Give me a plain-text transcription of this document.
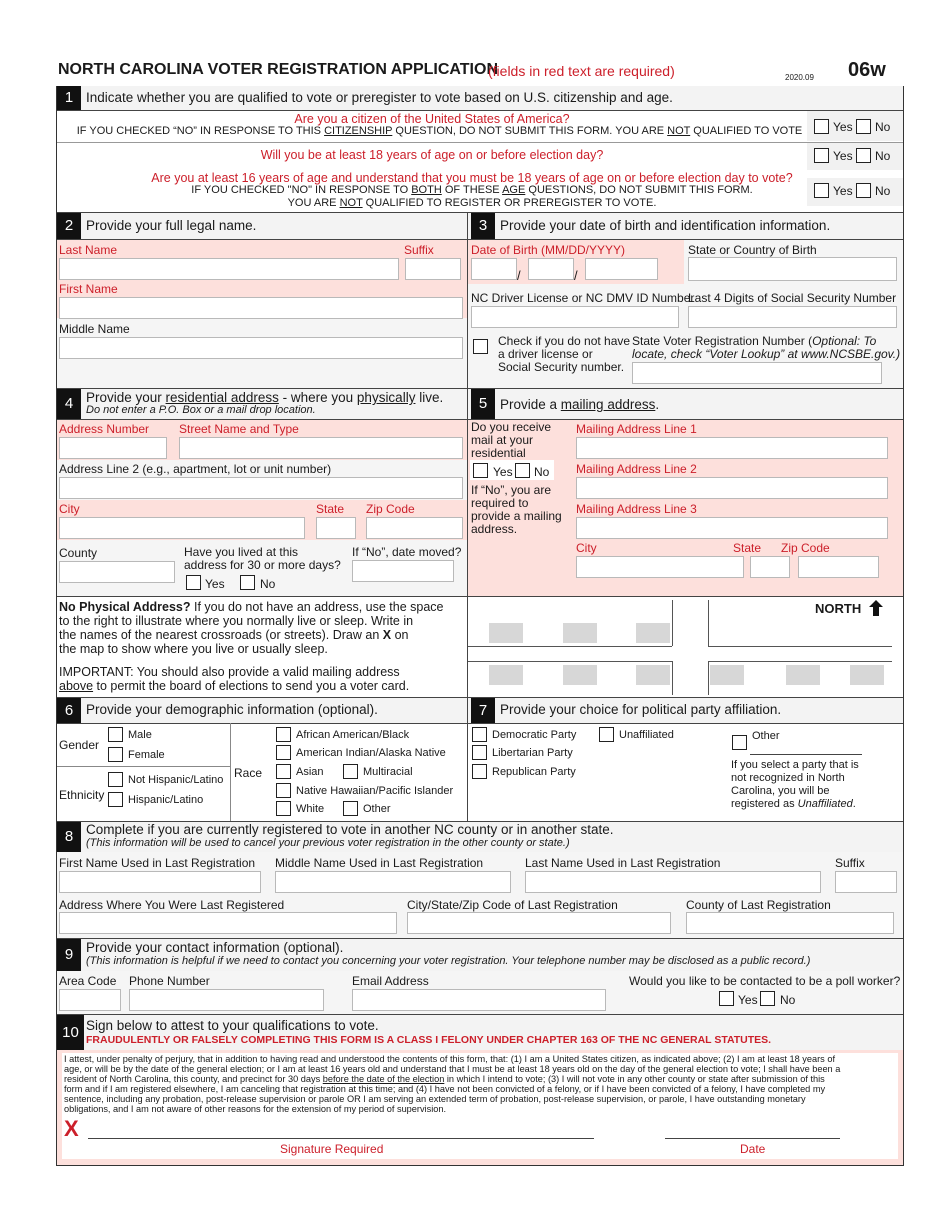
NORTH CAROLINA VOTER REGISTRATION APPLICATION
(fields in red text are required)	2020.09 06w
1 Indicate whether you are qualified to vote or preregister to vote based on U.S. citizenship and age.
Are you a citizen of the United States of America?
IF YOU CHECKED “NO” IN RESPONSE TO THIS CITIZENSHIP QUESTION, DO NOT SUBMIT THIS FORM. YOU ARE NOT QUALIFIED TO VOTE	Yes No
Will you be at least 18 years of age on or before election day?	Yes No
Are you at least 16 years of age and understand that you must be 18 years of age on or before election day to vote?
IF YOU CHECKED "NO" IN RESPONSE TO BOTH OF THESE AGE QUESTIONS, DO NOT SUBMIT THIS FORM.
YOU ARE NOT QUALIFIED TO REGISTER OR PREREGISTER TO VOTE.
Yes No
2 Provide your full legal name.	3 Provide your date of birth and identification information.
Last Name	Suffix
First Name
Middle Name
Date of Birth (MM/DD/YYYY)
/	/
State or Country of Birth
NC Driver License or NC DMV ID Number
Last 4 Digits of Social Security Number
Check if you do not have
a driver license or
Social Security number.
State Voter Registration Number (Optional: To
locate, check “Voter Lookup” at www.NCSBE.gov.)
4 Provide your residential address - where you physically live.
Do not enter a P.O. Box or a mail drop location.	5 Provide a mailing address.
Address Number Street Name and Type
Address Line 2 (e.g., apartment, lot or unit number)
City	State Zip Code
County	Have you lived at this
address for 30 or more days?
Yes	No
If “No”, date moved?
Do you receive
mail at your
residential
Yes No
If “No”, you are
required to
provide a mailing
address.
Mailing Address Line 1
Mailing Address Line 2
Mailing Address Line 3
City	State Zip Code
No Physical Address? If you do not have an address, use the space
to the right to illustrate where you normally live or sleep. Write in
the names of the nearest crossroads (or streets). Draw an X on
the map to show where you live or usually sleep.
IMPORTANT: You should also provide a valid mailing address
above to permit the board of elections to send you a voter card.
NORTH
6 Provide your demographic information (optional).	7 Provide your choice for political party affiliation.
Gender
Male
Female
Ethnicity
Not Hispanic/Latino
Hispanic/Latino
Race
African American/Black
American Indian/Alaska Native
Asian	Multiracial
Native Hawaiian/Pacific Islander
White	Other
Democratic Party	Unaffiliated
Libertarian Party
Republican Party
Other
If you select a party that is
not recognized in North
Carolina, you will be
registered as Unaffiliated.
8 Complete if you are currently registered to vote in another NC county or in another state.
(This information will be used to cancel your previous voter registration in the other county or state.)
First Name Used in Last Registration Middle Name Used in Last Registration	Last Name Used in Last Registration	Suffix
Address Where You Were Last Registered	City/State/Zip Code of Last Registration	County of Last Registration
9 Provide your contact information (optional).
(This information is helpful if we need to contact you concerning your voter registration. Your telephone number may be disclosed as a public record.)
Area Code Phone Number	Email Address	Would you like to be contacted to be a poll worker?
Yes No
10 Sign below to attest to your qualifications to vote.
FRAUDULENTLY OR FALSELY COMPLETING THIS FORM IS A CLASS I FELONY UNDER CHAPTER 163 OF THE NC GENERAL STATUTES.
I attest, under penalty of perjury, that in addition to having read and understood the contents of this form, that: (1) I am a United States citizen, as indicated above; (2) I am at least 18 years of
age, or will be by the date of the general election; or I am at least 16 years old and understand that I must be at least 18 years old on the day of the general election to vote; I shall have been a
resident of North Carolina, this county, and precinct for 30 days before the date of the election in which I intend to vote; (3) I will not vote in any other county or state after submission of this
form and if I am registered elsewhere, I am canceling that registration at this time; and (4) I have not been convicted of a felony, or if I have been convicted of a felony, I have completed my
sentence, including any probation, post-release supervision or parole OR I am serving an extended term of probation, post-release supervision, or parole, I have outstanding monetary
obligations, and I am not aware of other reasons for the extension of my period of supervision.
X
Signature Required	Date
